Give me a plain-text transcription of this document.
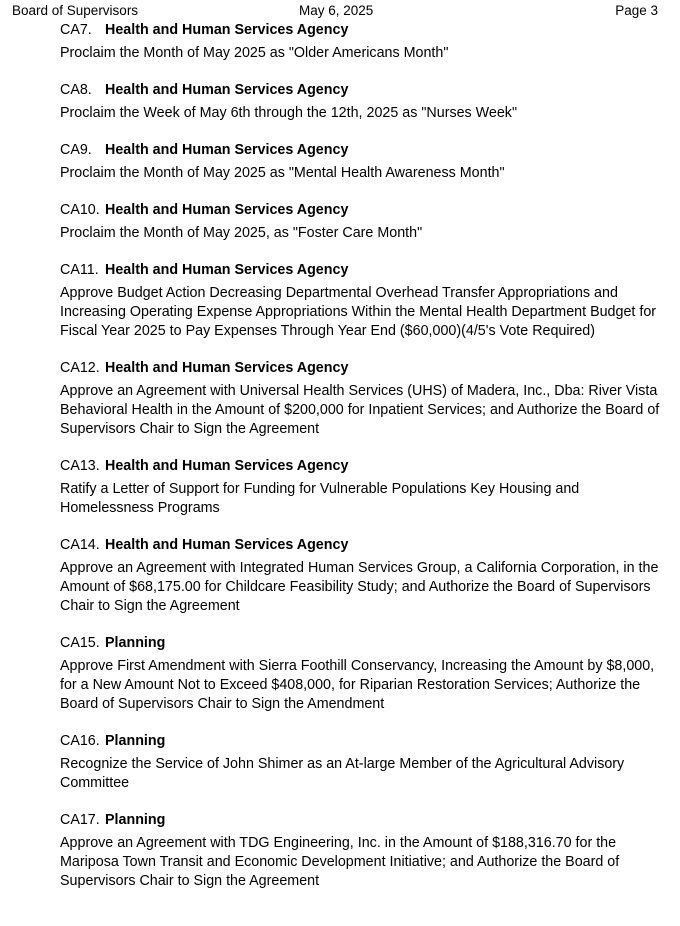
Board of Supervisors	May 6, 2025	Page 3
CA7. Health and Human Services Agency
Proclaim the Month of May 2025 as "Older Americans Month"
CA8. Health and Human Services Agency
Proclaim the Week of May 6th through the 12th, 2025 as "Nurses Week"
CA9. Health and Human Services Agency
Proclaim the Month of May 2025 as "Mental Health Awareness Month"
CA10. Health and Human Services Agency
Proclaim the Month of May 2025, as "Foster Care Month"
CA11. Health and Human Services Agency
Approve Budget Action Decreasing Departmental Overhead Transfer Appropriations and Increasing Operating Expense Appropriations Within the Mental Health Department Budget for Fiscal Year 2025 to Pay Expenses Through Year End ($60,000)(4/5's Vote Required)
CA12. Health and Human Services Agency
Approve an Agreement with Universal Health Services (UHS) of Madera, Inc., Dba: River Vista Behavioral Health in the Amount of $200,000 for Inpatient Services; and Authorize the Board of Supervisors Chair to Sign the Agreement
CA13. Health and Human Services Agency
Ratify a Letter of Support for Funding for Vulnerable Populations Key Housing and Homelessness Programs
CA14. Health and Human Services Agency
Approve an Agreement with Integrated Human Services Group, a California Corporation, in the Amount of $68,175.00 for Childcare Feasibility Study; and Authorize the Board of Supervisors Chair to Sign the Agreement
CA15. Planning
Approve First Amendment with Sierra Foothill Conservancy, Increasing the Amount by $8,000, for a New Amount Not to Exceed $408,000, for Riparian Restoration Services; Authorize the Board of Supervisors Chair to Sign the Amendment
CA16. Planning
Recognize the Service of John Shimer as an At-large Member of the Agricultural Advisory Committee
CA17. Planning
Approve an Agreement with TDG Engineering, Inc. in the Amount of $188,316.70 for the Mariposa Town Transit and Economic Development Initiative; and Authorize the Board of Supervisors Chair to Sign the Agreement
